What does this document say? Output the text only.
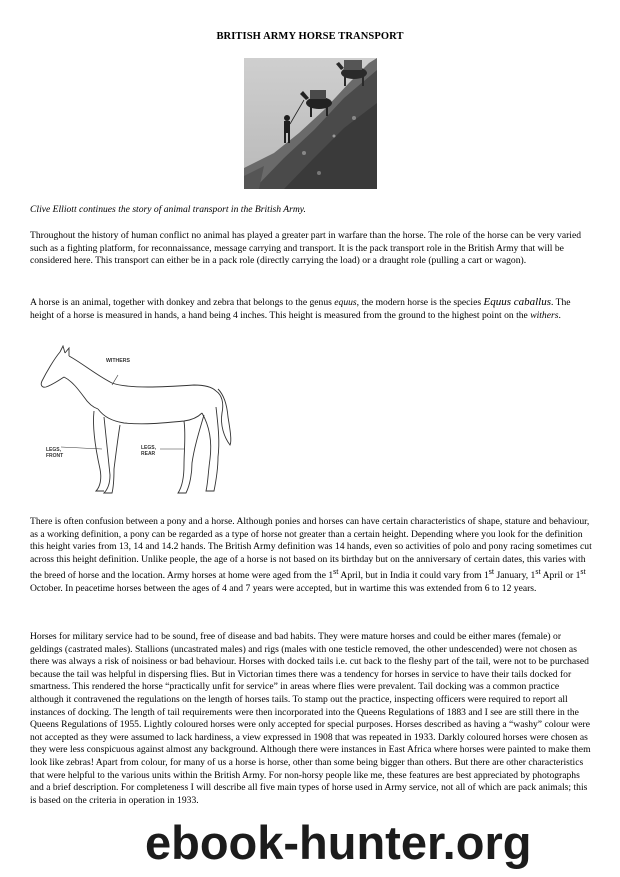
BRITISH ARMY HORSE TRANSPORT

Clive Elliott continues the story of animal transport in the British Army.

Throughout the history of human conflict no animal has played a greater part in warfare than the horse. The role of the horse can be very varied such as a fighting platform, for reconnaissance, message carrying and transport. It is the pack transport role in the British Army that will be considered here. This transport can either be in a pack role (directly carrying the load) or a draught role (pulling a cart or wagon).

A horse is an animal, together with donkey and zebra that belongs to the genus equus, the modern horse is the species Equus caballus. The height of a horse is measured in hands, a hand being 4 inches. This height is measured from the ground to the highest point on the withers.

WITHERS
LEGS,
FRONT
LEGS,
REAR

There is often confusion between a pony and a horse. Although ponies and horses can have certain characteristics of shape, stature and behaviour, as a working definition, a pony can be regarded as a type of horse not greater than a certain height. Depending where you look for the definition this height varies from 13, 14 and 14.2 hands. The British Army definition was 14 hands, even so activities of polo and pony racing sometimes cut across this height definition. Unlike people, the age of a horse is not based on its birthday but on the anniversary of certain dates, this varies with the breed of horse and the location. Army horses at home were aged from the 1st April, but in India it could vary from 1st January, 1st April or 1st October. In peacetime horses between the ages of 4 and 7 years were accepted, but in wartime this was extended from 6 to 12 years.

Horses for military service had to be sound, free of disease and bad habits. They were mature horses and could be either mares (female) or geldings (castrated males). Stallions (uncastrated males) and rigs (males with one testicle removed, the other undescended) were not chosen as there was always a risk of noisiness or bad behaviour. Horses with docked tails i.e. cut back to the fleshy part of the tail, were not to be purchased because the tail was helpful in dispersing flies. But in Victorian times there was a tendency for horses in service to have their tails docked for smartness. This rendered the horse “practically unfit for service” in areas where flies were prevalent. Tail docking was a common practice although it contravened the regulations on the length of horses tails. To stamp out the practice, inspecting officers were required to report all instances of docking. The length of tail requirements were then incorporated into the Queens Regulations of 1883 and I see are still there in the Queens Regulations of 1955. Lightly coloured horses were only accepted for special purposes. Horses described as having a “washy” colour were not accepted as they were assumed to lack hardiness, a view expressed in 1908 that was repeated in 1933. Darkly coloured horses were chosen as they were less conspicuous against almost any background. Although there were instances in East Africa where horses were painted to make them look like zebras! Apart from colour, for many of us a horse is horse, other than some being bigger than others. But there are other characteristics that were helpful to the various units within the British Army. For non-horsy people like me, these features are best appreciated by photographs and a brief description. For completeness I will describe all five main types of horse used in Army service, not all of which are pack animals; this is based on the criteria in operation in 1933.

ebook-hunter.org
